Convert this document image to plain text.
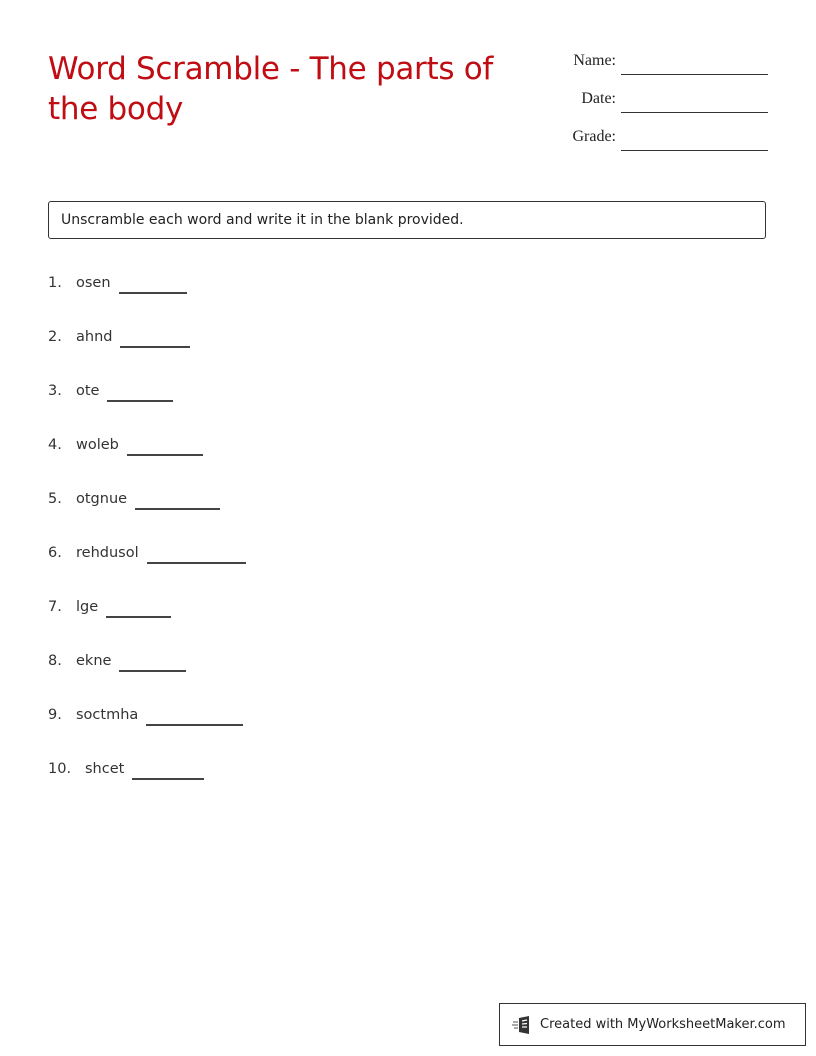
Word Scramble - The parts of the body
Name:
Date:
Grade:
Unscramble each word and write it in the blank provided.
1. osen
2. ahnd
3. ote
4. woleb
5. otgnue
6. rehdusol
7. lge
8. ekne
9. soctmha
10. shcet
Created with MyWorksheetMaker.com
